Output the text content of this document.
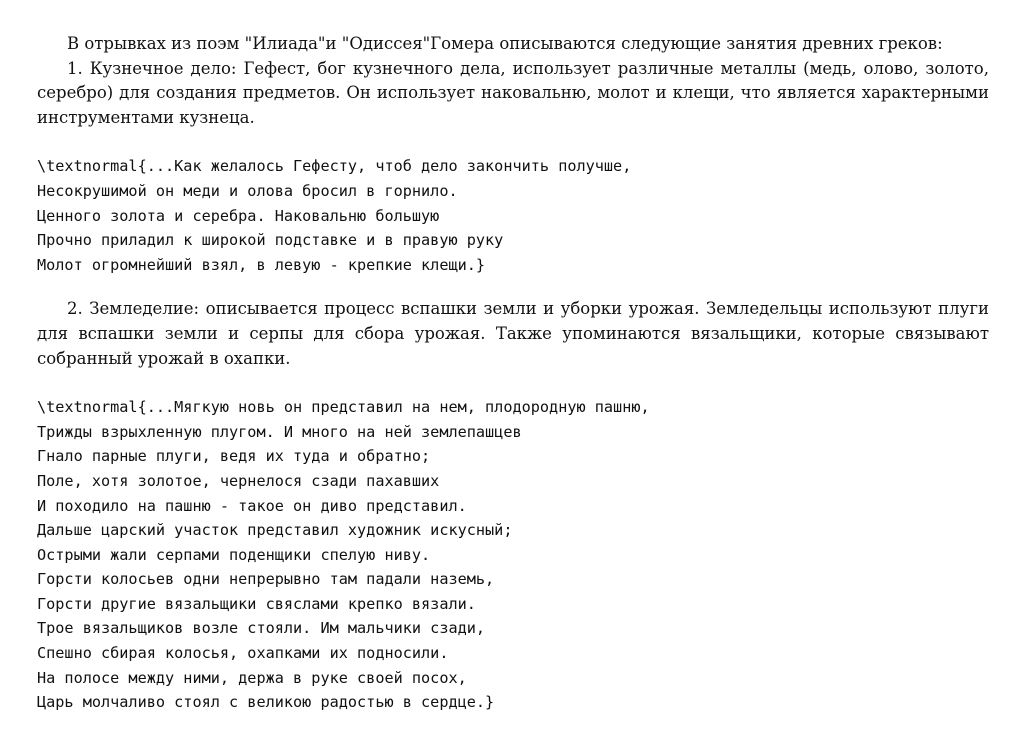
В отрывках из поэм "Илиада"и "Одиссея"Гомера описываются следующие занятия древних греков:

1. Кузнечное дело: Гефест, бог кузнечного дела, использует различные металлы (медь, олово, золото, серебро) для создания предметов. Он использует наковальню, молот и клещи, что является характерными инструментами кузнеца.

\textnormal{...Как желалось Гефесту, чтоб дело закончить получше,
Несокрушимой он меди и олова бросил в горнило.
Ценного золота и серебра. Наковальню большую
Прочно приладил к широкой подставке и в правую руку
Молот огромнейший взял, в левую - крепкие клещи.}

2. Земледелие: описывается процесс вспашки земли и уборки урожая. Земледельцы используют плуги для вспашки земли и серпы для сбора урожая. Также упоминаются вязальщики, которые связывают собранный урожай в охапки.

\textnormal{...Мягкую новь он представил на нем, плодородную пашню,
Трижды взрыхленную плугом. И много на ней землепашцев
Гнало парные плуги, ведя их туда и обратно;
Поле, хотя золотое, чернелося сзади пахавших
И походило на пашню - такое он диво представил.
Дальше царский участок представил художник искусный;
Острыми жали серпами поденщики спелую ниву.
Горсти колосьев одни непрерывно там падали наземь,
Горсти другие вязальщики свяслами крепко вязали.
Трое вязальщиков возле стояли. Им мальчики сзади,
Спешно сбирая колосья, охапками их подносили.
На полосе между ними, держа в руке своей посох,
Царь молчаливо стоял с великою радостью в сердце.}
